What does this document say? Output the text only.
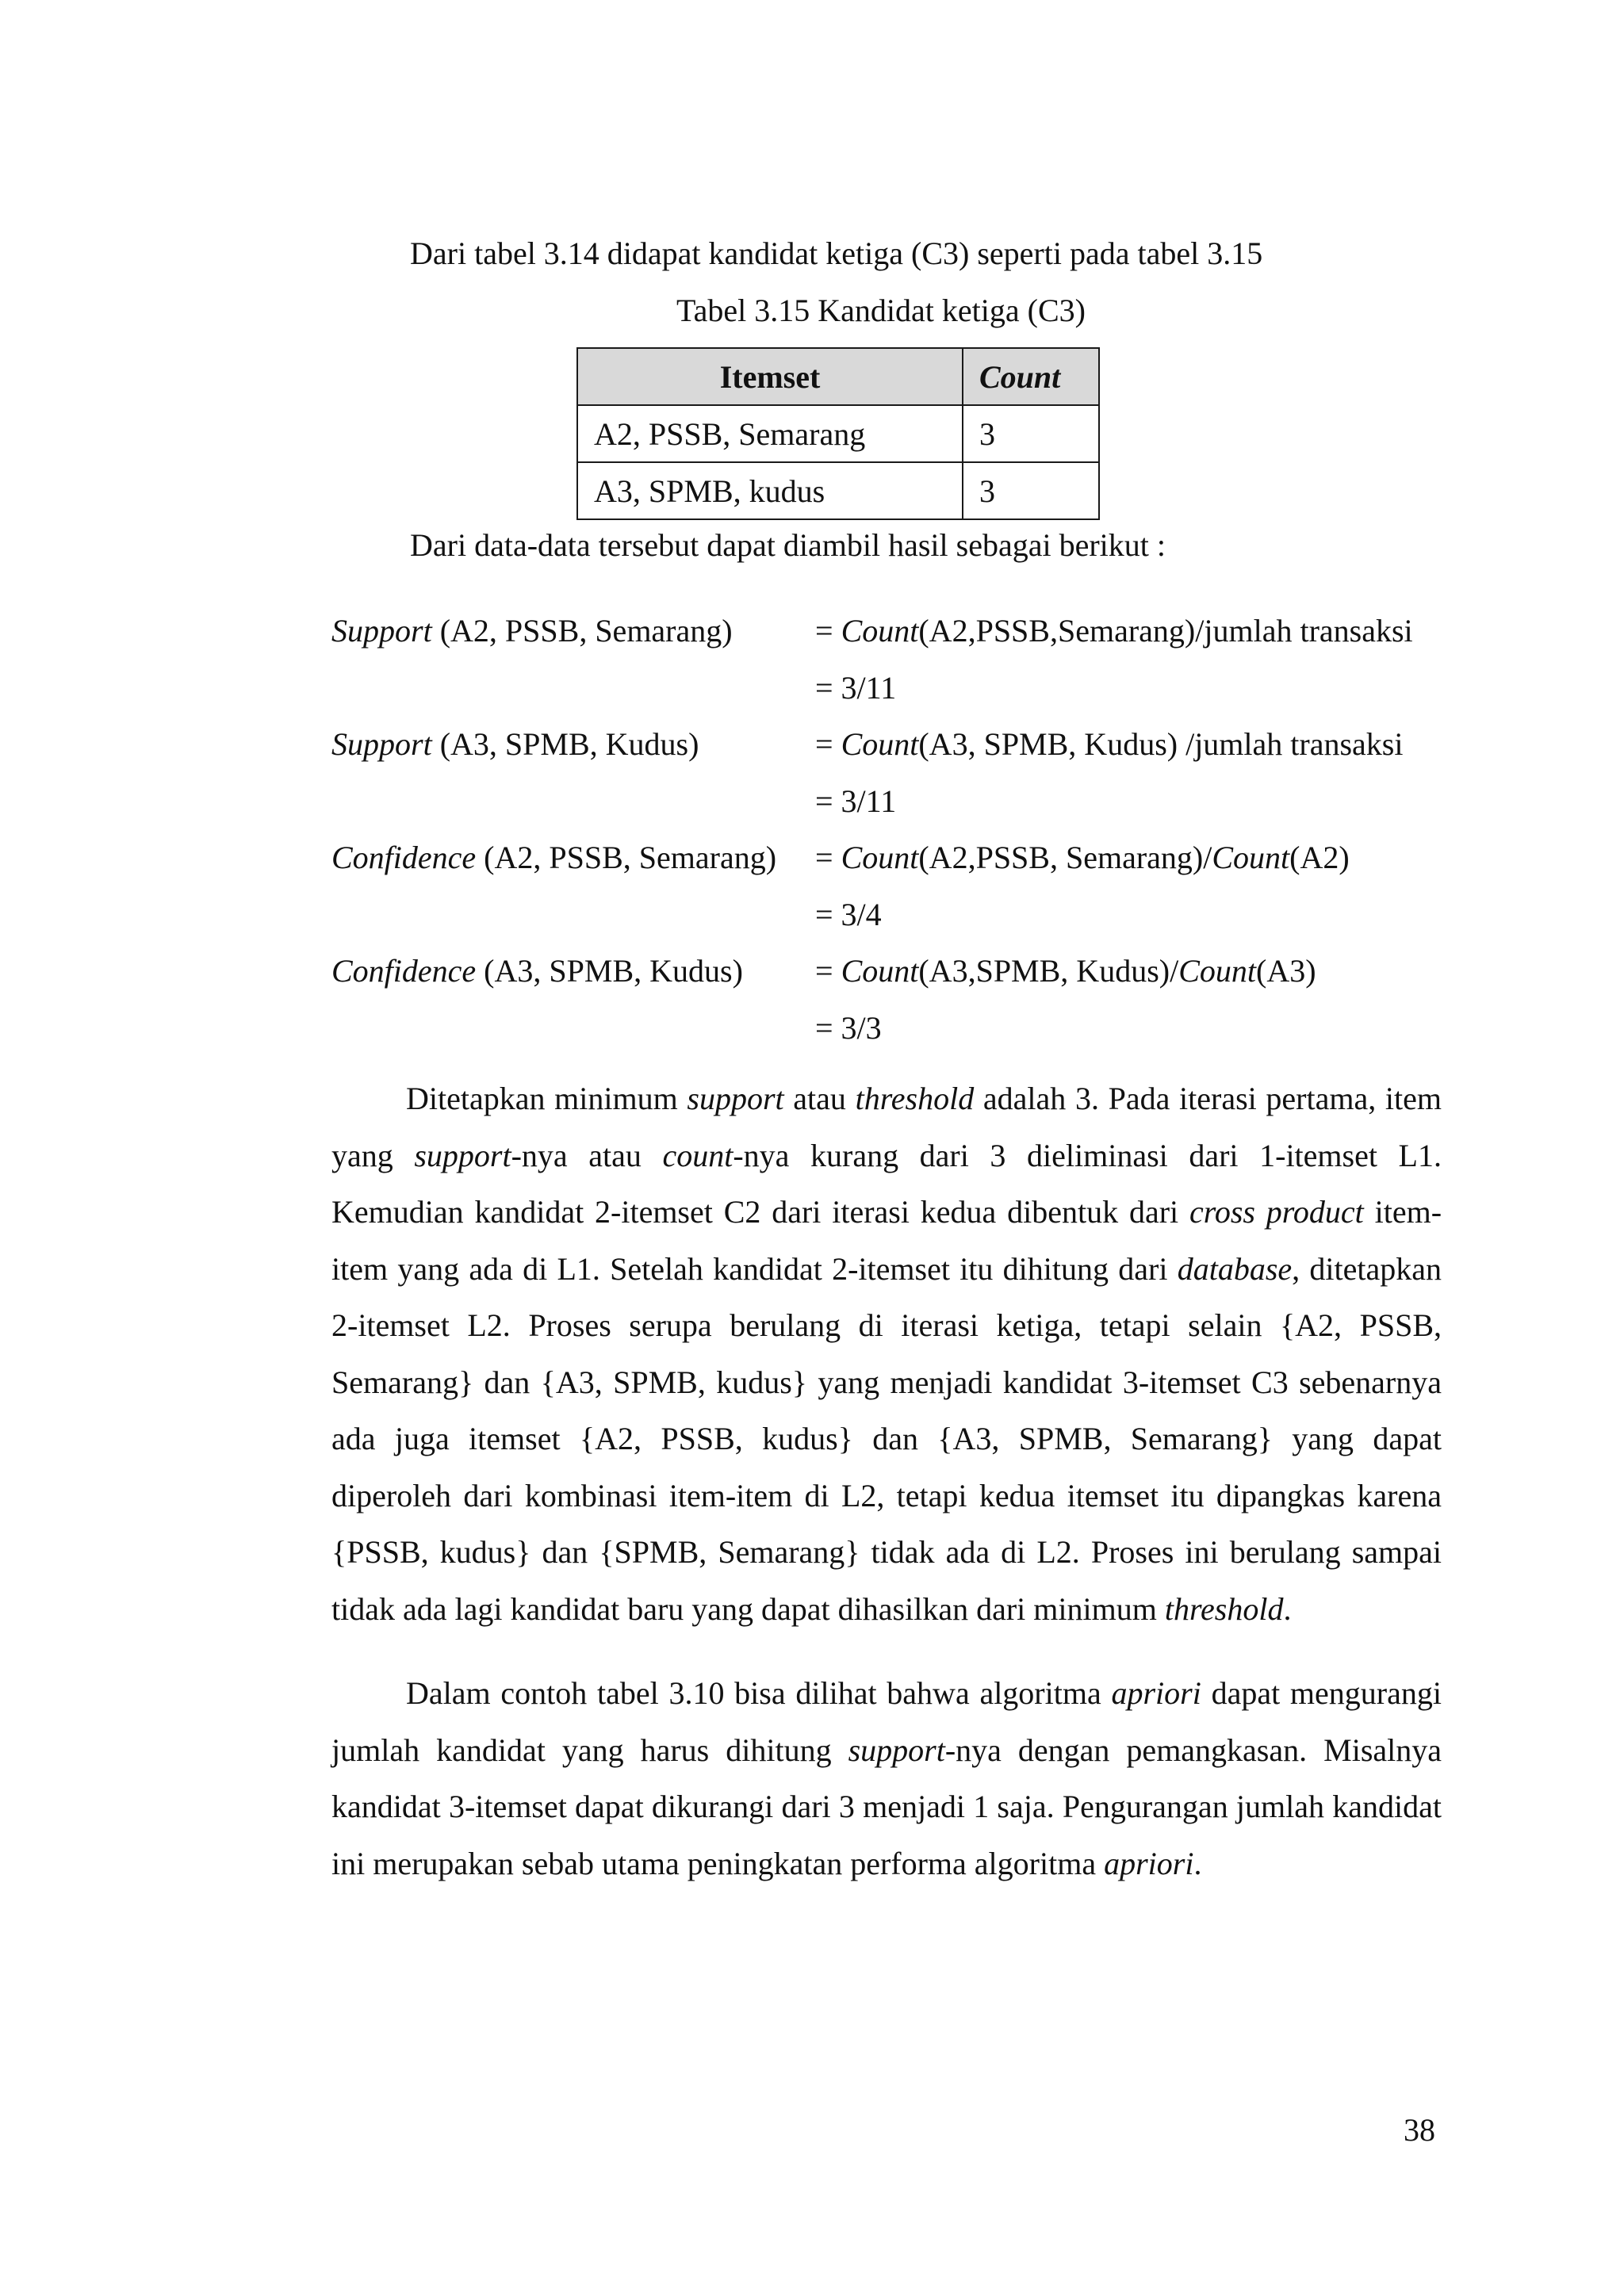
Dari tabel 3.14 didapat kandidat ketiga (C3) seperti pada tabel 3.15
Tabel 3.15 Kandidat ketiga (C3)
Itemset	Count
A2, PSSB, Semarang	3
A3, SPMB, kudus	3
Dari data-data tersebut dapat diambil hasil sebagai berikut :
Support (A2, PSSB, Semarang)	= Count(A2,PSSB,Semarang)/jumlah transaksi
= 3/11
Support (A3, SPMB, Kudus)	= Count(A3, SPMB, Kudus) /jumlah transaksi
= 3/11
Confidence (A2, PSSB, Semarang) = Count(A2,PSSB, Semarang)/Count(A2)
= 3/4
Confidence (A3, SPMB, Kudus) = Count(A3,SPMB, Kudus)/Count(A3)
= 3/3

Ditetapkan minimum support atau threshold adalah 3. Pada iterasi pertama, item yang support-nya atau count-nya kurang dari 3 dieliminasi dari 1-itemset L1. Kemudian kandidat 2-itemset C2 dari iterasi kedua dibentuk dari cross product item-item yang ada di L1. Setelah kandidat 2-itemset itu dihitung dari database, ditetapkan 2-itemset L2. Proses serupa berulang di iterasi ketiga, tetapi selain {A2, PSSB, Semarang} dan {A3, SPMB, kudus} yang menjadi kandidat 3-itemset C3 sebenarnya ada juga itemset {A2, PSSB, kudus} dan {A3, SPMB, Semarang} yang dapat diperoleh dari kombinasi item-item di L2, tetapi kedua itemset itu dipangkas karena {PSSB, kudus} dan {SPMB, Semarang} tidak ada di L2. Proses ini berulang sampai tidak ada lagi kandidat baru yang dapat dihasilkan dari minimum threshold.

Dalam contoh tabel 3.10 bisa dilihat bahwa algoritma apriori dapat mengurangi jumlah kandidat yang harus dihitung support-nya dengan pemangkasan. Misalnya kandidat 3-itemset dapat dikurangi dari 3 menjadi 1 saja. Pengurangan jumlah kandidat ini merupakan sebab utama peningkatan performa algoritma apriori.

38
